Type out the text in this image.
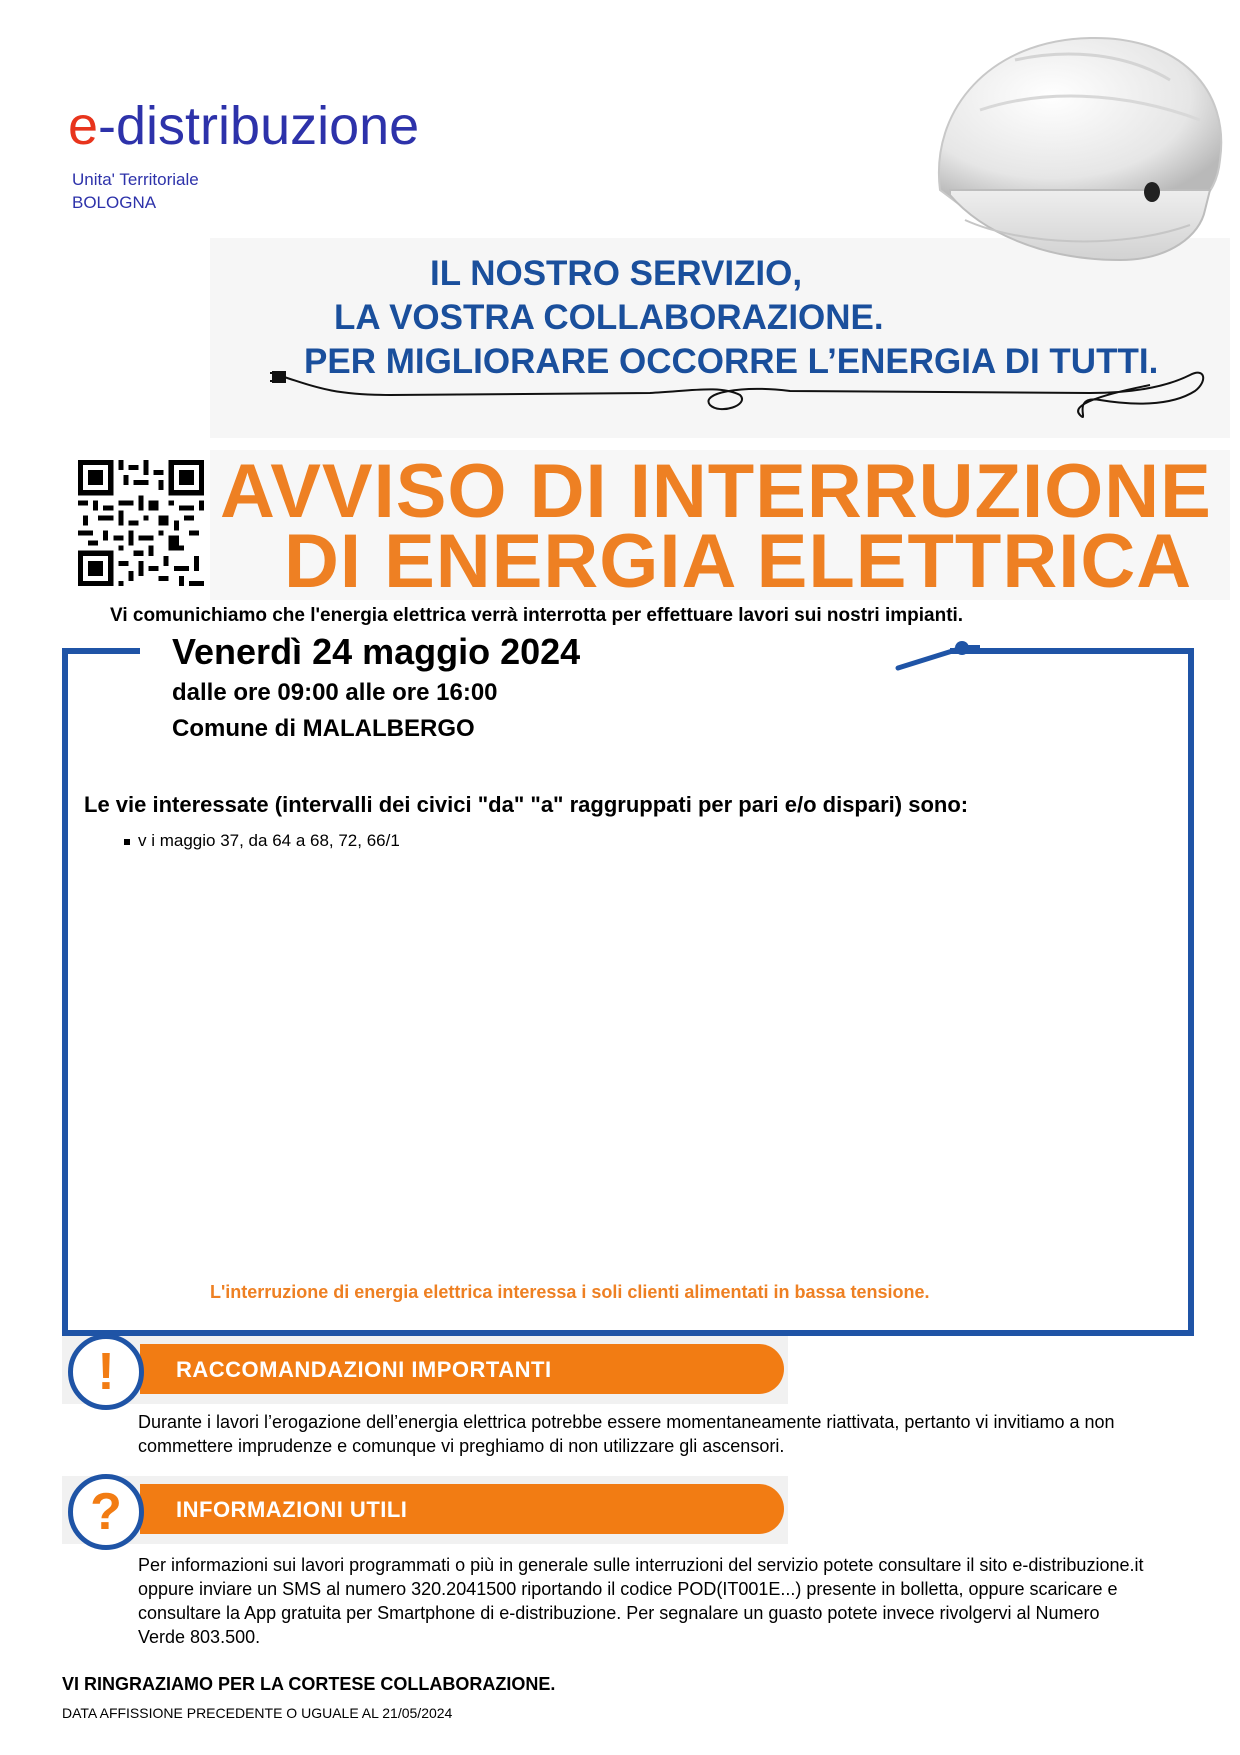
e-distribuzione
Unita' Territoriale
BOLOGNA
IL NOSTRO SERVIZIO,
LA VOSTRA COLLABORAZIONE.
PER MIGLIORARE OCCORRE L’ENERGIA DI TUTTI.
AVVISO DI INTERRUZIONE
DI ENERGIA ELETTRICA
Vi comunichiamo che l'energia elettrica verrà interrotta per effettuare lavori sui nostri impianti.
Venerdì 24 maggio 2024
dalle ore 09:00 alle ore 16:00
Comune di MALALBERGO
Le vie interessate (intervalli dei civici "da" "a" raggruppati per pari e/o dispari) sono:
v i maggio 37, da 64 a 68, 72, 66/1
L'interruzione di energia elettrica interessa i soli clienti alimentati in bassa tensione.
RACCOMANDAZIONI IMPORTANTI
!
Durante i lavori l’erogazione dell’energia elettrica potrebbe essere momentaneamente riattivata, pertanto vi invitiamo a non commettere imprudenze e comunque vi preghiamo di non utilizzare gli ascensori.
INFORMAZIONI UTILI
?
Per informazioni sui lavori programmati o più in generale sulle interruzioni del servizio potete consultare il sito e-distribuzione.it oppure inviare un SMS al numero 320.2041500 riportando il codice POD(IT001E...) presente in bolletta, oppure scaricare e consultare la App gratuita per Smartphone di e-distribuzione. Per segnalare un guasto potete invece rivolgervi al Numero Verde 803.500.
VI RINGRAZIAMO PER LA CORTESE COLLABORAZIONE.
DATA AFFISSIONE PRECEDENTE O UGUALE AL 21/05/2024
